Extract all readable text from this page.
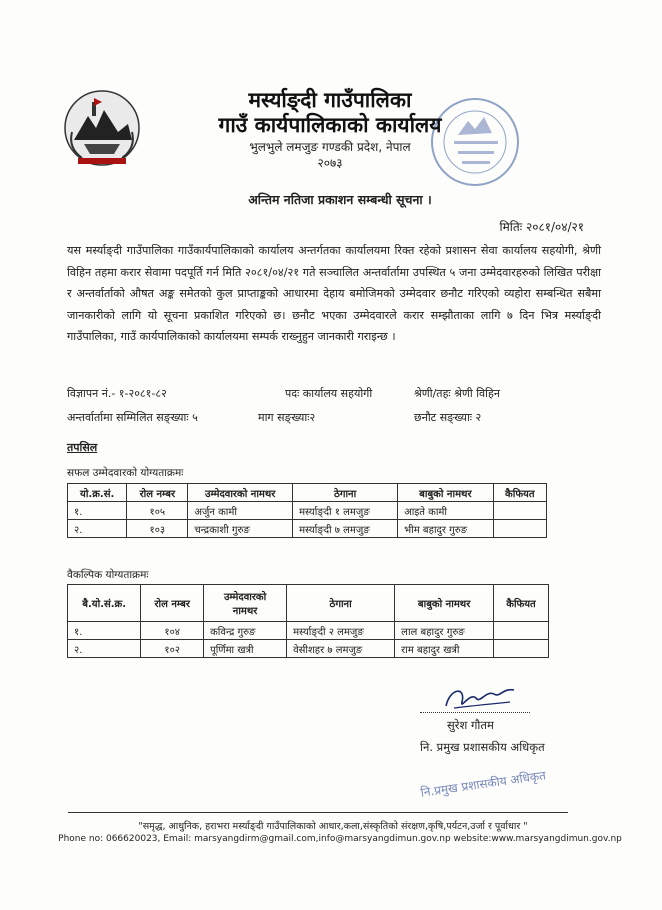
मर्स्याङ्दी गाउँपालिका
गाउँ कार्यपालिकाको कार्यालय
भुलभुले लमजुङ गण्डकी प्रदेश, नेपाल
२०७३
अन्तिम नतिजा प्रकाशन सम्बन्धी सूचना ।
मितिः २०८१/०४/२१
यस मर्स्याङ्दी गाउँपालिका गाउँकार्यपालिकाको कार्यालय अन्तर्गतका कार्यालयमा रिक्त रहेको प्रशासन सेवा कार्यालय सहयोगी, श्रेणी विहिन तहमा करार सेवामा पदपूर्ति गर्न मिति २०८१/०४/२१ गते सञ्चालित अन्तर्वार्तामा उपस्थित ५ जना उम्मेदवारहरुको लिखित परीक्षा र अन्तर्वार्ताको औषत अङ्क समेतको कुल प्राप्ताङ्कको आधारमा देहाय बमोजिमको उम्मेदवार छनौट गरिएको व्यहोरा सम्बन्धित सबैमा जानकारीको लागि यो सूचना प्रकाशित गरिएको छ। छनौट भएका उम्मेदवारले करार सम्झौताका लागि ७ दिन भित्र मर्स्याङ्दी गाउँपालिका, गाउँ कार्यपालिकाको कार्यालयमा सम्पर्क राख्नुहुन जानकारी गराइन्छ ।
विज्ञापन नं.- १-२०८१-८२	पदः कार्यालय सहयोगी	श्रेणी/तहः श्रेणी विहिन
अन्तर्वार्तामा सम्मिलित सङ्ख्याः ५	माग सङ्ख्याः२	छनौट सङ्ख्याः २
तपसिल
सफल उम्मेदवारको योग्यताक्रमः
यो.क्र.सं.	रोल नम्बर	उम्मेदवारको नामथर	ठेगाना	बाबुको नामथर	कैफियत
१.	१०५	अर्जुन कामी	मर्स्याङ्दी १ लमजुङ	आइते कामी	
२.	१०३	चन्द्रकाशी गुरुङ	मर्स्याङ्दी ७ लमजुङ	भीम बहादुर गुरुङ	
वैकल्पिक योग्यताक्रमः
बै.यो.सं.क्र.	रोल नम्बर	उम्मेदवारको नामथर	ठेगाना	बाबुको नामथर	कैफियत
१.	१०४	कविन्द्र गुरुङ	मर्स्याङ्दी २ लमजुङ	लाल बहादुर गुरुङ	
२.	१०२	पूर्णिमा खत्री	वेसीशहर ७ लमजुङ	राम बहादुर खत्री	
सुरेश गौतम
नि. प्रमुख प्रशासकीय अधिकृत
नि.प्रमुख प्रशासकीय अधिकृत
"समृद्ध, आधुनिक, हराभरा मर्स्याङ्दी गाउँपालिकाको आधार,कला,संस्कृतिको संरक्षण,कृषि,पर्यटन,उर्जा र पूर्वाधार "
Phone no: 066620023, Email: marsyangdirm@gmail.com,info@marsyangdimun.gov.np website:www.marsyangdimun.gov.np
